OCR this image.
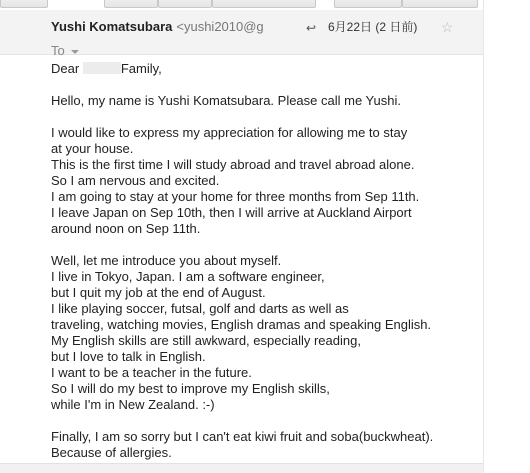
Yushi Komatsubara <yushi2010@g	↩ 6月22日 (2 日前) ☆
To
Dear	Family,
Hello, my name is Yushi Komatsubara. Please call me Yushi.
I would like to express my appreciation for allowing me to stay
at your house.
This is the first time I will study abroad and travel abroad alone.
So I am nervous and excited.
I am going to stay at your home for three months from Sep 11th.
I leave Japan on Sep 10th, then I will arrive at Auckland Airport
around noon on Sep 11th.
Well, let me introduce you about myself.
I live in Tokyo, Japan. I am a software engineer,
but I quit my job at the end of August.
I like playing soccer, futsal, golf and darts as well as
traveling, watching movies, English dramas and speaking English.
My English skills are still awkward, especially reading,
but I love to talk in English.
I want to be a teacher in the future.
So I will do my best to improve my English skills,
while I'm in New Zealand. :-)
Finally, I am so sorry but I can't eat kiwi fruit and soba(buckwheat).
Because of allergies.
